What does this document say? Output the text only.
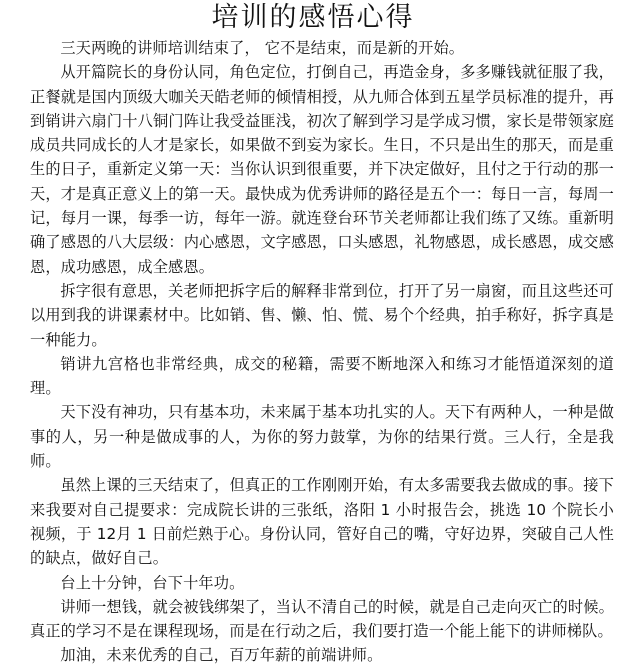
培训的感悟心得

三天两晚的讲师培训结束了， 它不是结束，而是新的开始。

从开篇院长的身份认同，角色定位，打倒自己，再造金身，多多赚钱就征服了我，正餐就是国内顶级大咖关天皓老师的倾情相授，从九师合体到五星学员标准的提升，再到销讲六扇门十八铜门阵让我受益匪浅，初次了解到学习是学成习惯，家长是带领家庭成员共同成长的人才是家长，如果做不到妄为家长。生日，不只是出生的那天，而是重生的日子，重新定义第一天：当你认识到很重要，并下决定做好，且付之于行动的那一天，才是真正意义上的第一天。最快成为优秀讲师的路径是五个一：每日一言，每周一记，每月一课，每季一访，每年一游。就连登台环节关老师都让我们练了又练。重新明确了感恩的八大层级：内心感恩，文字感恩，口头感恩，礼物感恩，成长感恩，成交感恩，成功感恩，成全感恩。

拆字很有意思，关老师把拆字后的解释非常到位，打开了另一扇窗，而且这些还可以用到我的讲课素材中。比如销、售、懒、怕、慌、易个个经典，拍手称好，拆字真是一种能力。

销讲九宫格也非常经典，成交的秘籍，需要不断地深入和练习才能悟道深刻的道理。

天下没有神功，只有基本功，未来属于基本功扎实的人。天下有两种人，一种是做事的人，另一种是做成事的人，为你的努力鼓掌，为你的结果行赏。三人行，全是我师。

虽然上课的三天结束了，但真正的工作刚刚开始，有太多需要我去做成的事。接下来我要对自己提要求：完成院长讲的三张纸，洛阳 1 小时报告会，挑选 10 个院长小视频，于 12月 1 日前烂熟于心。身份认同，管好自己的嘴，守好边界，突破自己人性的缺点，做好自己。

台上十分钟，台下十年功。

讲师一想钱，就会被钱绑架了，当认不清自己的时候，就是自己走向灭亡的时候。真正的学习不是在课程现场，而是在行动之后，我们要打造一个能上能下的讲师梯队。

加油，未来优秀的自己，百万年薪的前端讲师。
